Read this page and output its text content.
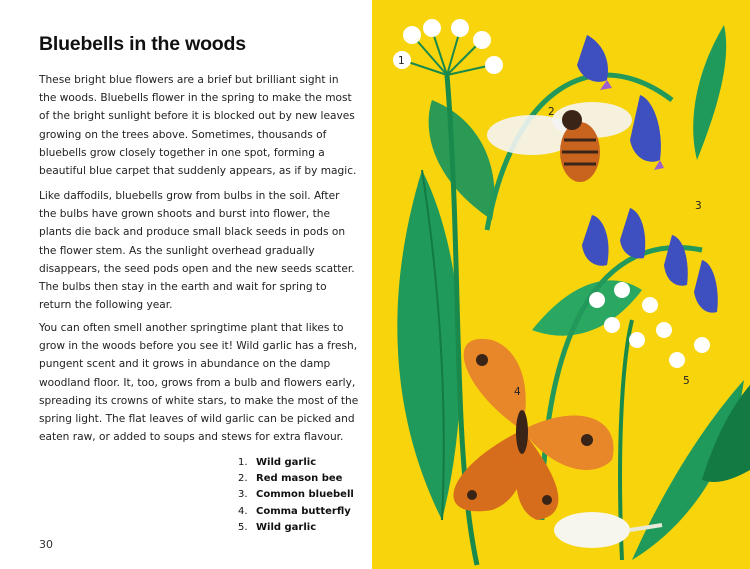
Bluebells in the woods

These bright blue flowers are a brief but brilliant sight in the woods. Bluebells flower in the spring to make the most of the bright sunlight before it is blocked out by new leaves growing on the trees above. Sometimes, thousands of bluebells grow closely together in one spot, forming a beautiful blue carpet that suddenly appears, as if by magic.

Like daffodils, bluebells grow from bulbs in the soil. After the bulbs have grown shoots and burst into flower, the plants die back and produce small black seeds in pods on the flower stem. As the sunlight overhead gradually disappears, the seed pods open and the new seeds scatter. The bulbs then stay in the earth and wait for spring to return the following year.

You can often smell another springtime plant that likes to grow in the woods before you see it! Wild garlic has a fresh, pungent scent and it grows in abundance on the damp woodland floor. It, too, grows from a bulb and flowers early, spreading its crowns of white stars, to make the most of the spring light. The flat leaves of wild garlic can be picked and eaten raw, or added to soups and stews for extra flavour.

1. Wild garlic
2. Red mason bee
3. Common bluebell
4. Comma butterfly
5. Wild garlic
30
1
2
3
4
5
